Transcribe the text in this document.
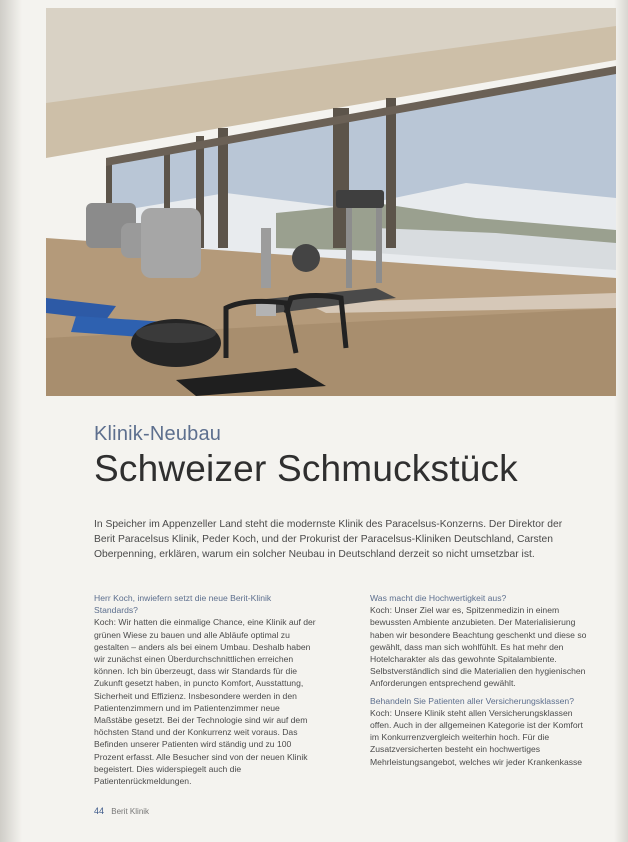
Klinik-Neubau
Schweizer Schmuckstück
In Speicher im Appenzeller Land steht die modernste Klinik des Paracelsus-Konzerns. Der Direktor der Berit Paracelsus Klinik, Peder Koch, und der Prokurist der Paracelsus-Kliniken Deutschland, Carsten Oberpenning, erklären, warum ein solcher Neubau in Deutschland derzeit so nicht umsetzbar ist.
Herr Koch, inwiefern setzt die neue Berit-Klinik Standards?
Koch: Wir hatten die einmalige Chance, eine Klinik auf der grünen Wiese zu bauen und alle Abläufe optimal zu gestalten – anders als bei einem Umbau. Deshalb haben wir zunächst einen Überdurchschnittlichen erreichen können. Ich bin überzeugt, dass wir Standards für die Zukunft gesetzt haben, in puncto Komfort, Ausstattung, Sicherheit und Effizienz. Insbesondere werden in den Patientenzimmern und im Patientenzimmer neue Maßstäbe gesetzt. Bei der Technologie sind wir auf dem höchsten Stand und der Konkurrenz weit voraus. Das Befinden unserer Patienten wird ständig und zu 100 Prozent erfasst. Alle Besucher sind von der neuen Klinik begeistert. Dies widerspiegelt auch die Patientenrückmeldungen.
Was macht die Hochwertigkeit aus?
Koch: Unser Ziel war es, Spitzenmedizin in einem bewussten Ambiente anzubieten. Der Materialisierung haben wir besondere Beachtung geschenkt und diese so gewählt, dass man sich wohlfühlt. Es hat mehr den Hotelcharakter als das gewohnte Spitalambiente. Selbstverständlich sind die Materialien den hygienischen Anforderungen entsprechend gewählt.
Behandeln Sie Patienten aller Versicherungsklassen?
Koch: Unsere Klinik steht allen Versicherungsklassen offen. Auch in der allgemeinen Kategorie ist der Komfort im Konkurrenzvergleich weiterhin hoch. Für die Zusatzversicherten besteht ein hochwertiges Mehrleistungsangebot, welches wir jeder Krankenkasse
44 Berit Klinik
